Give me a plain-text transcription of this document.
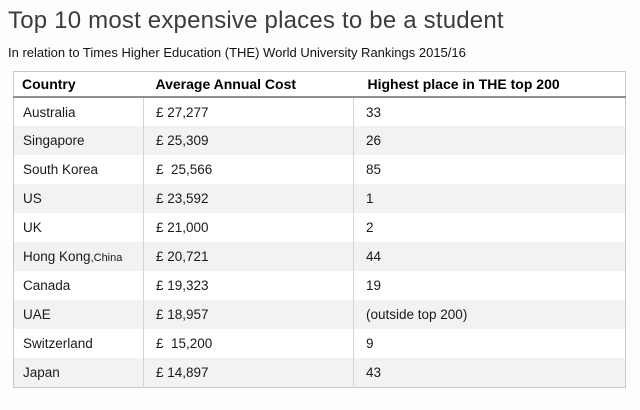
Top 10 most expensive places to be a student

In relation to Times Higher Education (THE) World University Rankings 2015/16

Country	Average Annual Cost	Highest place in THE top 200
Australia	£ 27,277	33
Singapore	£ 25,309	26
South Korea	£  25,566	85
US	£ 23,592	1
UK	£ 21,000	2
Hong Kong,China	£ 20,721	44
Canada	£ 19,323	19
UAE	£ 18,957	(outside top 200)
Switzerland	£  15,200	9
Japan	£ 14,897	43
